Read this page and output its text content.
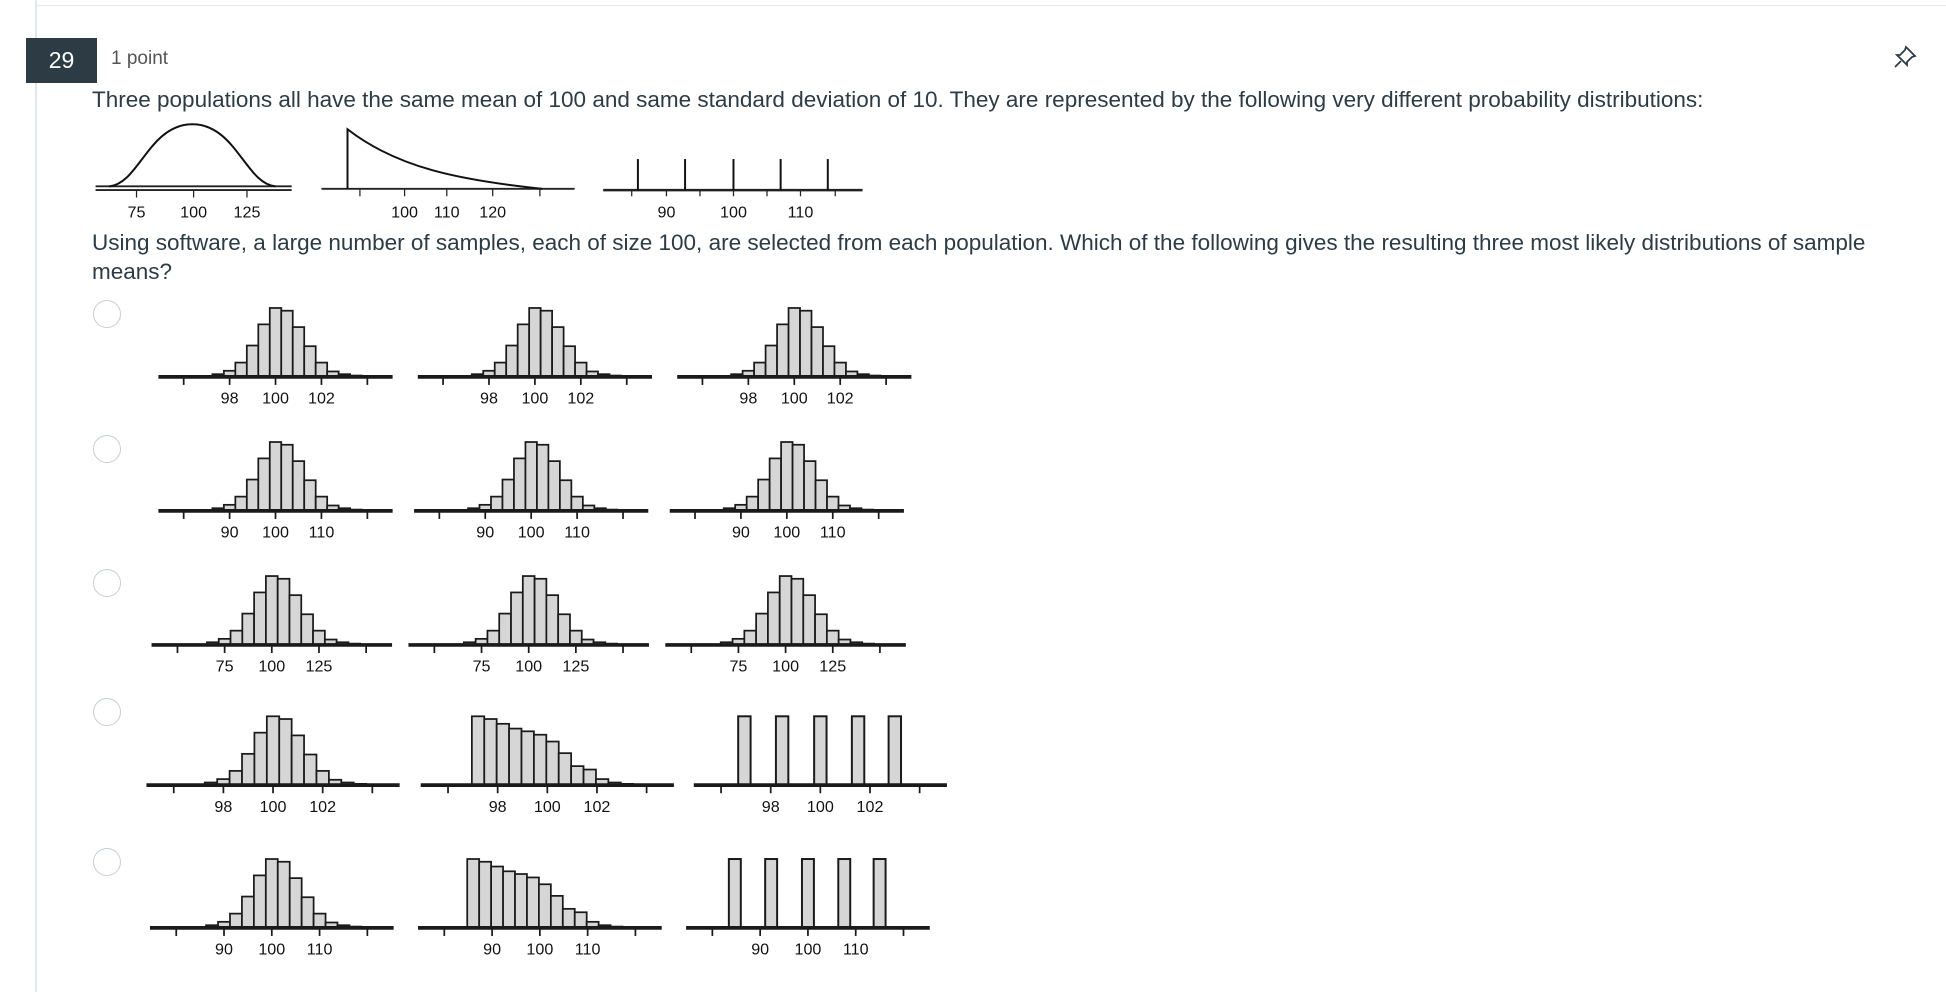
29	1 point
Three populations all have the same mean of 100 and same standard deviation of 10. They are represented by the following very different probability distributions:
Using software, a large number of samples, each of size 100, are selected from each population. Which of the following gives the resulting three most likely distributions of sample means?
75	100 125	100 110 120	90	100	110
98 100 102	98 100 102	98 100 102
90 100 110	90 100 110	90 100 110
75 100 125	75 100 125	75 100 125
98 100 102	98 100 102	98 100 102
90 100 110	90 100 110	90 100 110
